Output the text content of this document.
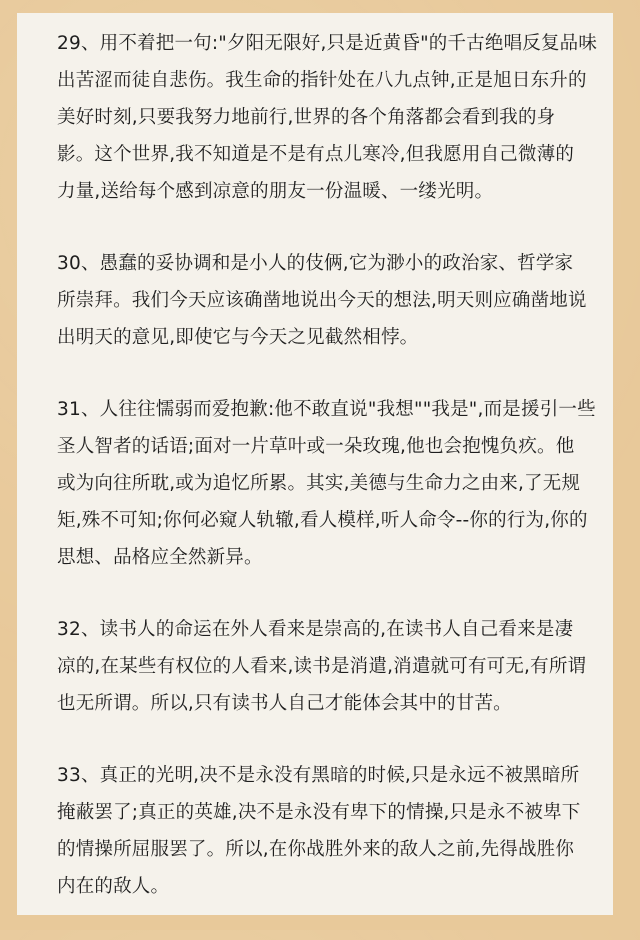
29、用不着把一句:"夕阳无限好,只是近黄昏"的千古绝唱反复品味
出苦涩而徒自悲伤。我生命的指针处在八九点钟,正是旭日东升的
美好时刻,只要我努力地前行,世界的各个角落都会看到我的身
影。这个世界,我不知道是不是有点儿寒冷,但我愿用自己微薄的
力量,送给每个感到凉意的朋友一份温暖、一缕光明。
30、愚蠢的妥协调和是小人的伎俩,它为渺小的政治家、哲学家
所崇拜。我们今天应该确凿地说出今天的想法,明天则应确凿地说
出明天的意见,即使它与今天之见截然相悖。
31、人往往懦弱而爱抱歉:他不敢直说"我想""我是",而是援引一些
圣人智者的话语;面对一片草叶或一朵玫瑰,他也会抱愧负疚。他
或为向往所耽,或为追忆所累。其实,美德与生命力之由来,了无规
矩,殊不可知;你何必窥人轨辙,看人模样,听人命令--你的行为,你的
思想、品格应全然新异。
32、读书人的命运在外人看来是崇高的,在读书人自己看来是凄
凉的,在某些有权位的人看来,读书是消遣,消遣就可有可无,有所谓
也无所谓。所以,只有读书人自己才能体会其中的甘苦。
33、真正的光明,决不是永没有黑暗的时候,只是永远不被黑暗所
掩蔽罢了;真正的英雄,决不是永没有卑下的情操,只是永不被卑下
的情操所屈服罢了。所以,在你战胜外来的敌人之前,先得战胜你
内在的敌人。
